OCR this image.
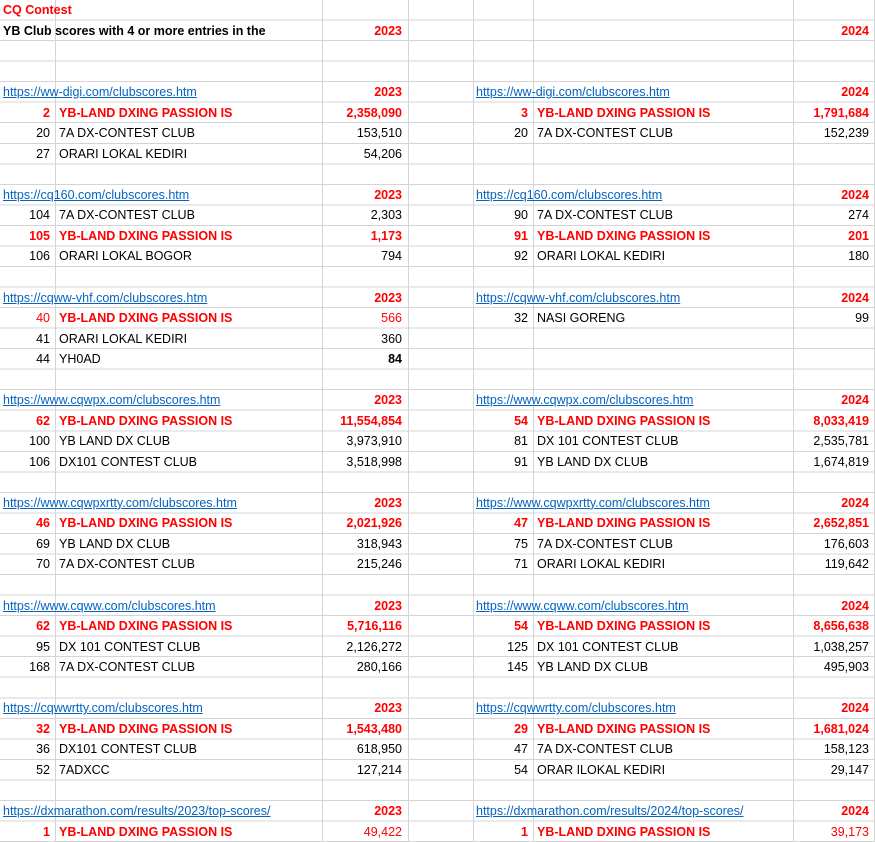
CQ Contest
YB Club scores with 4 or more entries in the	2023	2024
https://ww-digi.com/clubscores.htm	2023	https://ww-digi.com/clubscores.htm	2024
2 YB-LAND DXING PASSION IS	2,358,090	3 YB-LAND DXING PASSION IS	1,791,684
20 7A DX-CONTEST CLUB	153,510	20 7A DX-CONTEST CLUB	152,239
27 ORARI LOKAL KEDIRI	54,206
https://cq160.com/clubscores.htm	2023	https://cq160.com/clubscores.htm	2024
104 7A DX-CONTEST CLUB	2,303	90 7A DX-CONTEST CLUB	274
105 YB-LAND DXING PASSION IS	1,173	91 YB-LAND DXING PASSION IS	201
106 ORARI LOKAL BOGOR	794	92 ORARI LOKAL KEDIRI	180
https://cqww-vhf.com/clubscores.htm	2023	https://cqww-vhf.com/clubscores.htm	2024
40 YB-LAND DXING PASSION IS	566	32 NASI GORENG	99
41 ORARI LOKAL KEDIRI	360
44 YH0AD	84
https://www.cqwpx.com/clubscores.htm	2023	https://www.cqwpx.com/clubscores.htm	2024
62 YB-LAND DXING PASSION IS	11,554,854	54 YB-LAND DXING PASSION IS	8,033,419
100 YB LAND DX CLUB	3,973,910	81 DX 101 CONTEST CLUB	2,535,781
106 DX101 CONTEST CLUB	3,518,998	91 YB LAND DX CLUB	1,674,819
https://www.cqwpxrtty.com/clubscores.htm	2023	https://www.cqwpxrtty.com/clubscores.htm	2024
46 YB-LAND DXING PASSION IS	2,021,926	47 YB-LAND DXING PASSION IS	2,652,851
69 YB LAND DX CLUB	318,943	75 7A DX-CONTEST CLUB	176,603
70 7A DX-CONTEST CLUB	215,246	71 ORARI LOKAL KEDIRI	119,642
https://www.cqww.com/clubscores.htm	2023	https://www.cqww.com/clubscores.htm	2024
62 YB-LAND DXING PASSION IS	5,716,116	54 YB-LAND DXING PASSION IS	8,656,638
95 DX 101 CONTEST CLUB	2,126,272	125 DX 101 CONTEST CLUB	1,038,257
168 7A DX-CONTEST CLUB	280,166	145 YB LAND DX CLUB	495,903
https://cqwwrtty.com/clubscores.htm	2023	https://cqwwrtty.com/clubscores.htm	2024
32 YB-LAND DXING PASSION IS	1,543,480	29 YB-LAND DXING PASSION IS	1,681,024
36 DX101 CONTEST CLUB	618,950	47 7A DX-CONTEST CLUB	158,123
52 7ADXCC	127,214	54 ORAR ILOKAL KEDIRI	29,147
https://dxmarathon.com/results/2023/top-scores/	2023	https://dxmarathon.com/results/2024/top-scores/	2024
1 YB-LAND DXING PASSION IS	49,422	1 YB-LAND DXING PASSION IS	39,173
